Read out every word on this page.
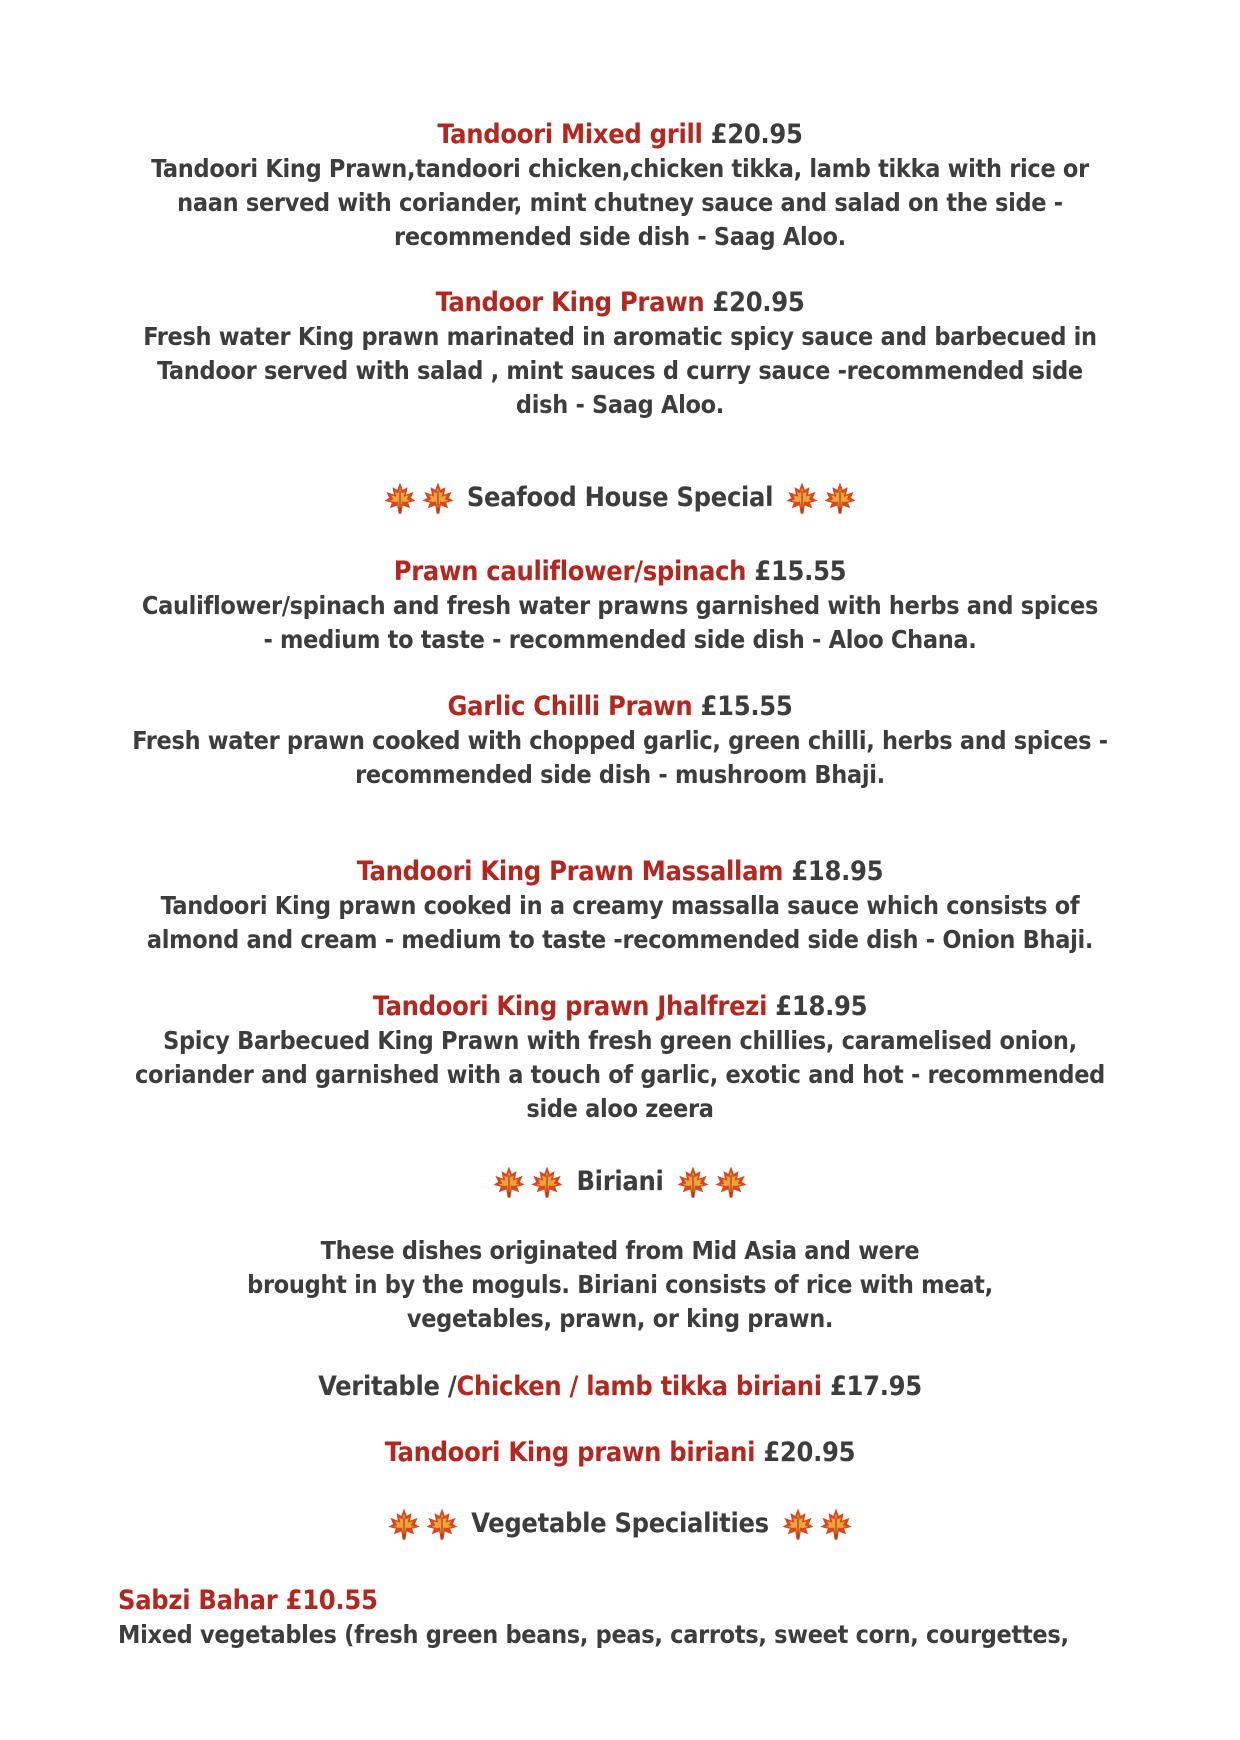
Tandoori Mixed grill £20.95
Tandoori King Prawn,tandoori chicken,chicken tikka, lamb tikka with rice or
naan served with coriander, mint chutney sauce and salad on the side -
recommended side dish - Saag Aloo.
Tandoor King Prawn £20.95
Fresh water King prawn marinated in aromatic spicy sauce and barbecued in
Tandoor served with salad , mint sauces d curry sauce -recommended side
dish - Saag Aloo.
Seafood House Special
Prawn cauliflower/spinach £15.55
Cauliflower/spinach and fresh water prawns garnished with herbs and spices
- medium to taste - recommended side dish - Aloo Chana.
Garlic Chilli Prawn £15.55
Fresh water prawn cooked with chopped garlic, green chilli, herbs and spices -
recommended side dish - mushroom Bhaji.
Tandoori King Prawn Massallam £18.95
Tandoori King prawn cooked in a creamy massalla sauce which consists of
almond and cream - medium to taste -recommended side dish - Onion Bhaji.
Tandoori King prawn Jhalfrezi £18.95
Spicy Barbecued King Prawn with fresh green chillies, caramelised onion,
coriander and garnished with a touch of garlic, exotic and hot - recommended
side aloo zeera
Biriani
These dishes originated from Mid Asia and were
brought in by the moguls. Biriani consists of rice with meat,
vegetables, prawn, or king prawn.
Veritable /Chicken / lamb tikka biriani £17.95
Tandoori King prawn biriani £20.95
Vegetable Specialities
Sabzi Bahar £10.55
Mixed vegetables (fresh green beans, peas, carrots, sweet corn, courgettes,
